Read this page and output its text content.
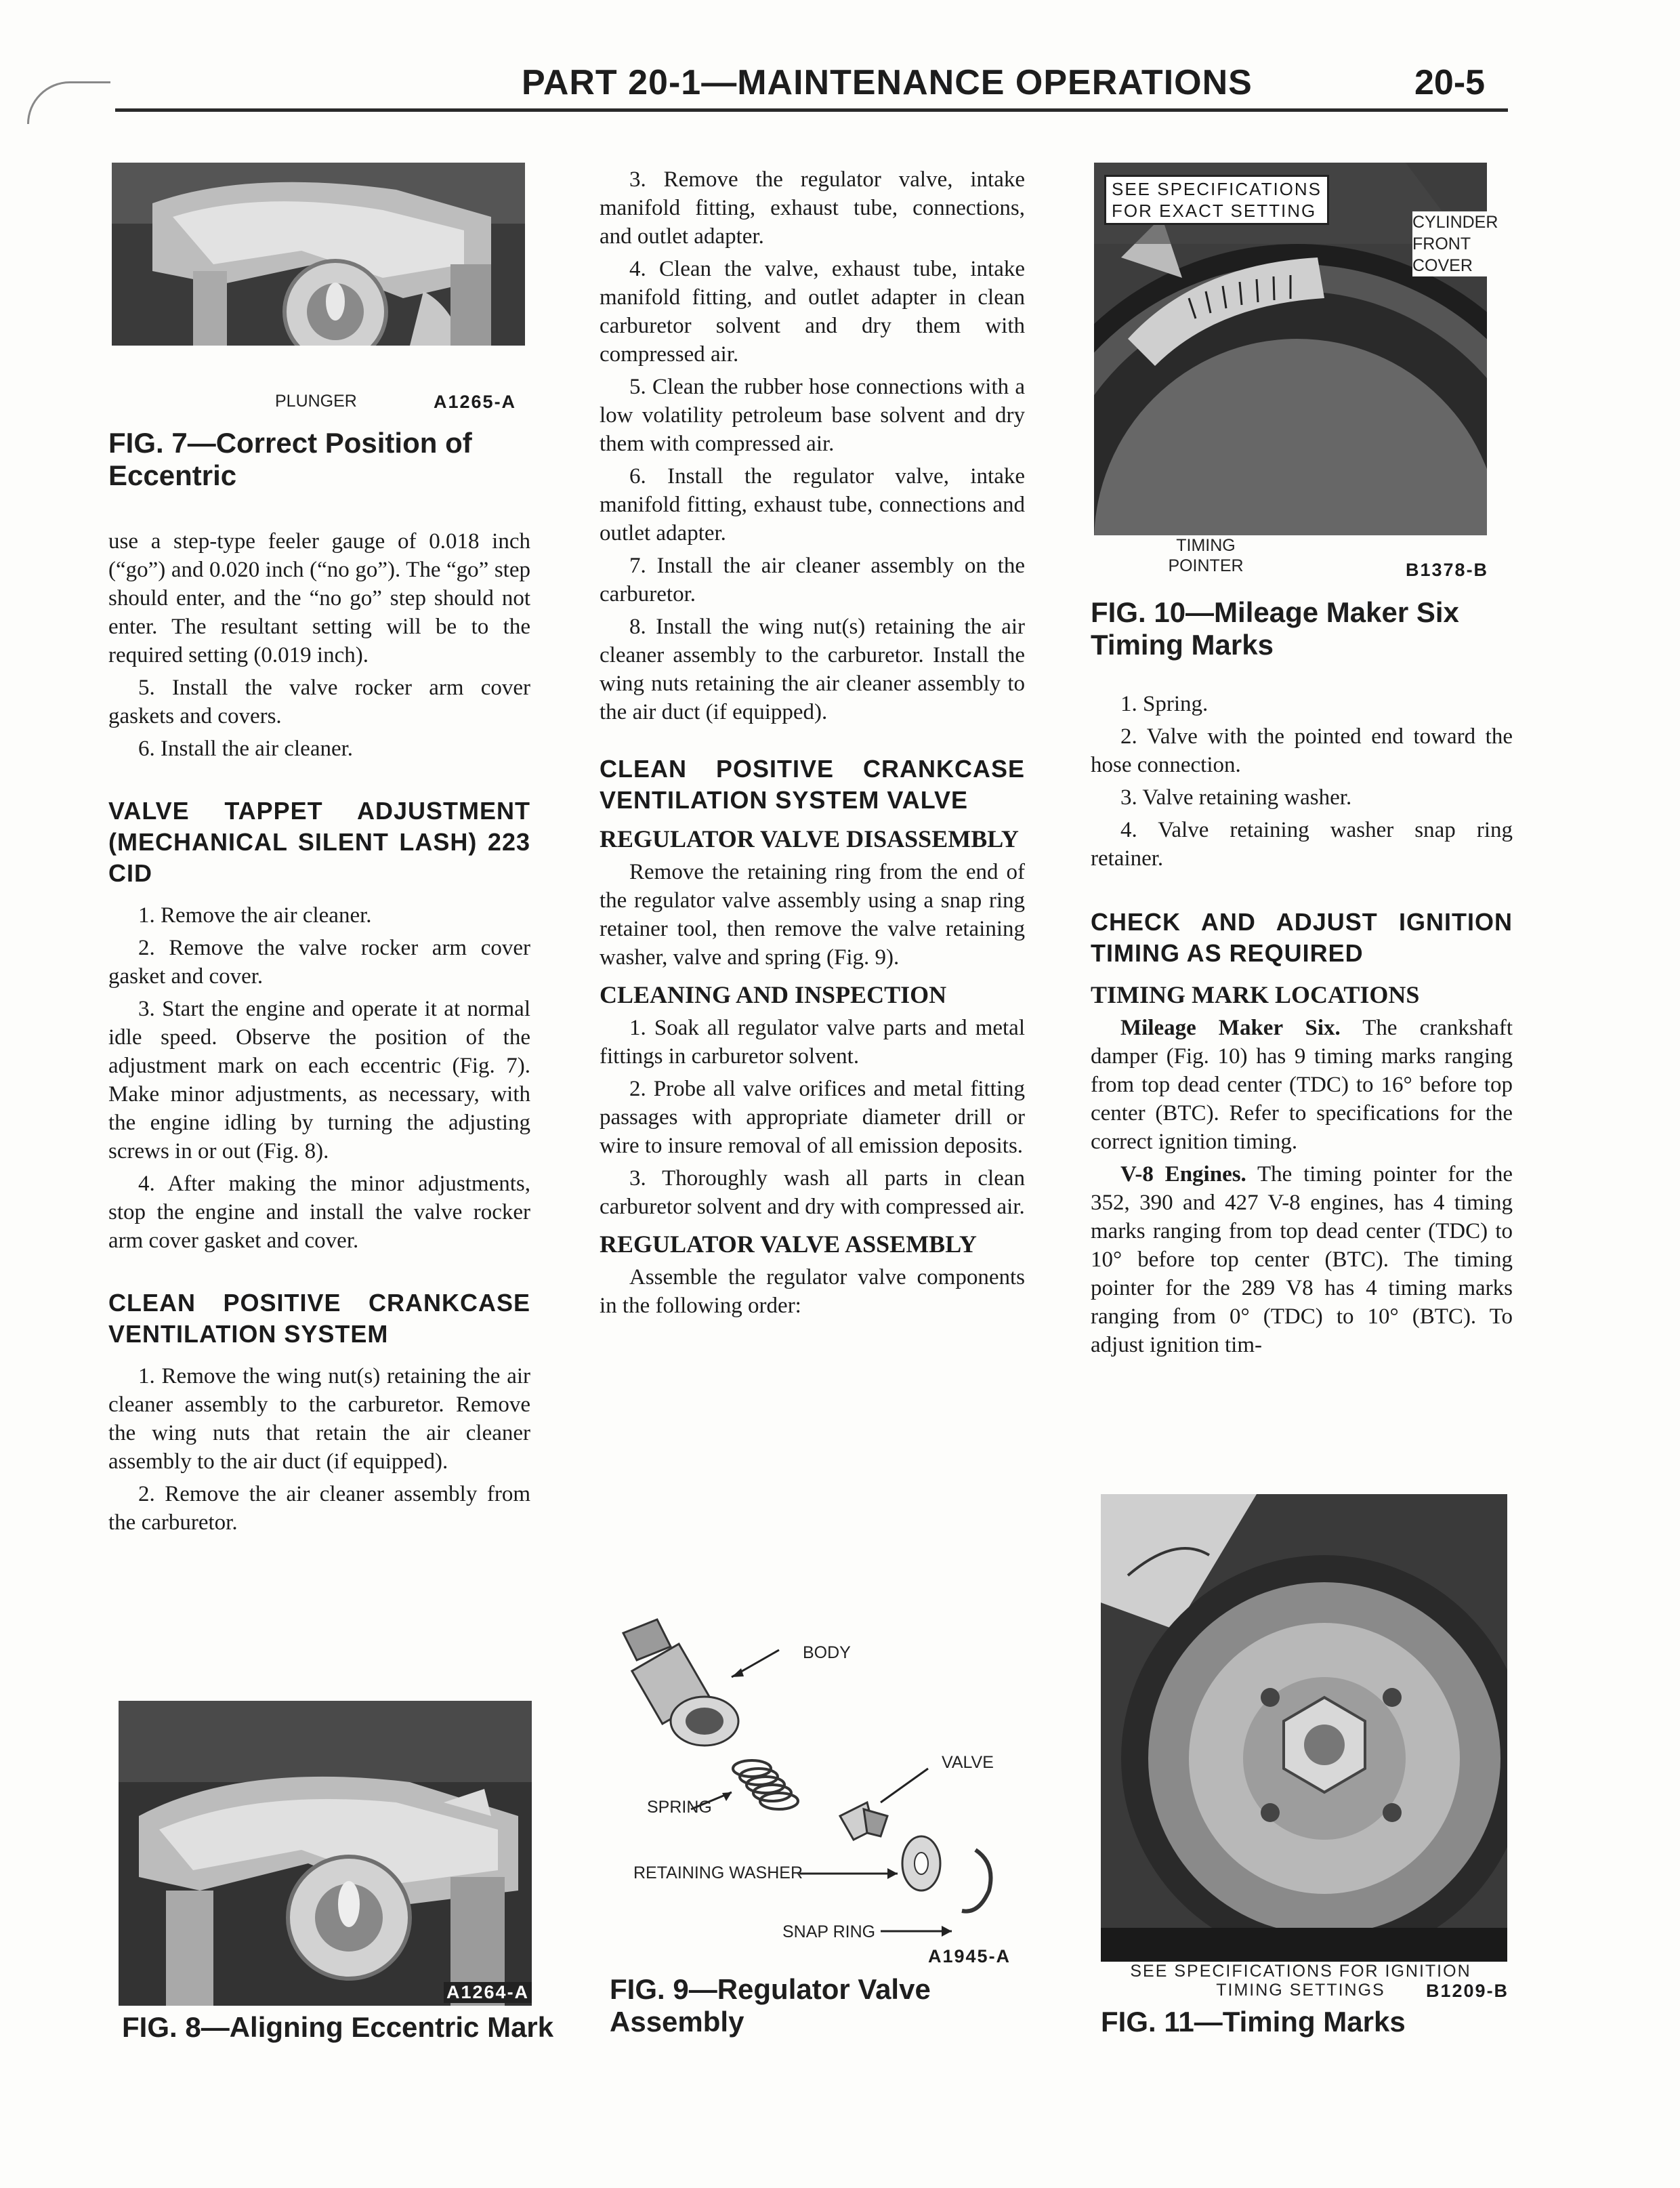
PART 20-1—MAINTENANCE OPERATIONS	20-5
PLUNGER	A1265-A
FIG. 7—Correct Position of Eccentric

use a step-type feeler gauge of 0.018 inch (“go”) and 0.020 inch (“no go”). The “go” step should enter, and the “no go” step should not enter. The resultant setting will be to the required setting (0.019 inch).

5. Install the valve rocker arm cover gaskets and covers.

6. Install the air cleaner.

VALVE TAPPET ADJUSTMENT (MECHANICAL SILENT LASH) 223 CID

1. Remove the air cleaner.

2. Remove the valve rocker arm cover gasket and cover.

3. Start the engine and operate it at normal idle speed. Observe the position of the adjustment mark on each eccentric (Fig. 7). Make minor adjustments, as necessary, with the engine idling by turning the adjusting screws in or out (Fig. 8).

4. After making the minor adjustments, stop the engine and install the valve rocker arm cover gasket and cover.

CLEAN POSITIVE CRANKCASE VENTILATION SYSTEM

1. Remove the wing nut(s) retaining the air cleaner assembly to the carburetor. Remove the wing nuts that retain the air cleaner assembly to the air duct (if equipped).

2. Remove the air cleaner assembly from the carburetor.

A1264-A
FIG. 8—Aligning Eccentric Mark

3. Remove the regulator valve, intake manifold fitting, exhaust tube, connections, and outlet adapter.

4. Clean the valve, exhaust tube, intake manifold fitting, and outlet adapter in clean carburetor solvent and dry them with compressed air.

5. Clean the rubber hose connections with a low volatility petroleum base solvent and dry them with compressed air.

6. Install the regulator valve, intake manifold fitting, exhaust tube, connections and outlet adapter.

7. Install the air cleaner assembly on the carburetor.

8. Install the wing nut(s) retaining the air cleaner assembly to the carburetor. Install the wing nuts retaining the air cleaner assembly to the air duct (if equipped).

CLEAN POSITIVE CRANKCASE VENTILATION SYSTEM VALVE
REGULATOR VALVE DISASSEMBLY

Remove the retaining ring from the end of the regulator valve assembly using a snap ring retainer tool, then remove the valve retaining washer, valve and spring (Fig. 9).

CLEANING AND INSPECTION

1. Soak all regulator valve parts and metal fittings in carburetor solvent.

2. Probe all valve orifices and metal fitting passages with appropriate diameter drill or wire to insure removal of all emission deposits.

3. Thoroughly wash all parts in clean carburetor solvent and dry with compressed air.

REGULATOR VALVE ASSEMBLY

Assemble the regulator valve components in the following order:

BODY
VALVE
SPRING
RETAINING WASHER
SNAP RING
A1945-A
FIG. 9—Regulator Valve Assembly
SEE SPECIFICATIONS
FOR EXACT SETTING
CYLINDER FRONT COVER
TIMING POINTER	B1378-B
FIG. 10—Mileage Maker Six Timing Marks

1. Spring.

2. Valve with the pointed end toward the hose connection.

3. Valve retaining washer.

4. Valve retaining washer snap ring retainer.

CHECK AND ADJUST IGNITION TIMING AS REQUIRED
TIMING MARK LOCATIONS

Mileage Maker Six. The crankshaft damper (Fig. 10) has 9 timing marks ranging from top dead center (TDC) to 16° before top center (BTC). Refer to specifications for the correct ignition timing.

V-8 Engines. The timing pointer for the 352, 390 and 427 V-8 engines, has 4 timing marks ranging from top dead center (TDC) to 10° before top center (BTC). The timing pointer for the 289 V8 has 4 timing marks ranging from 0° (TDC) to 10° (BTC). To adjust ignition tim-

SEE SPECIFICATIONS FOR IGNITION
TIMING SETTINGS	B1209-B
FIG. 11—Timing Marks
